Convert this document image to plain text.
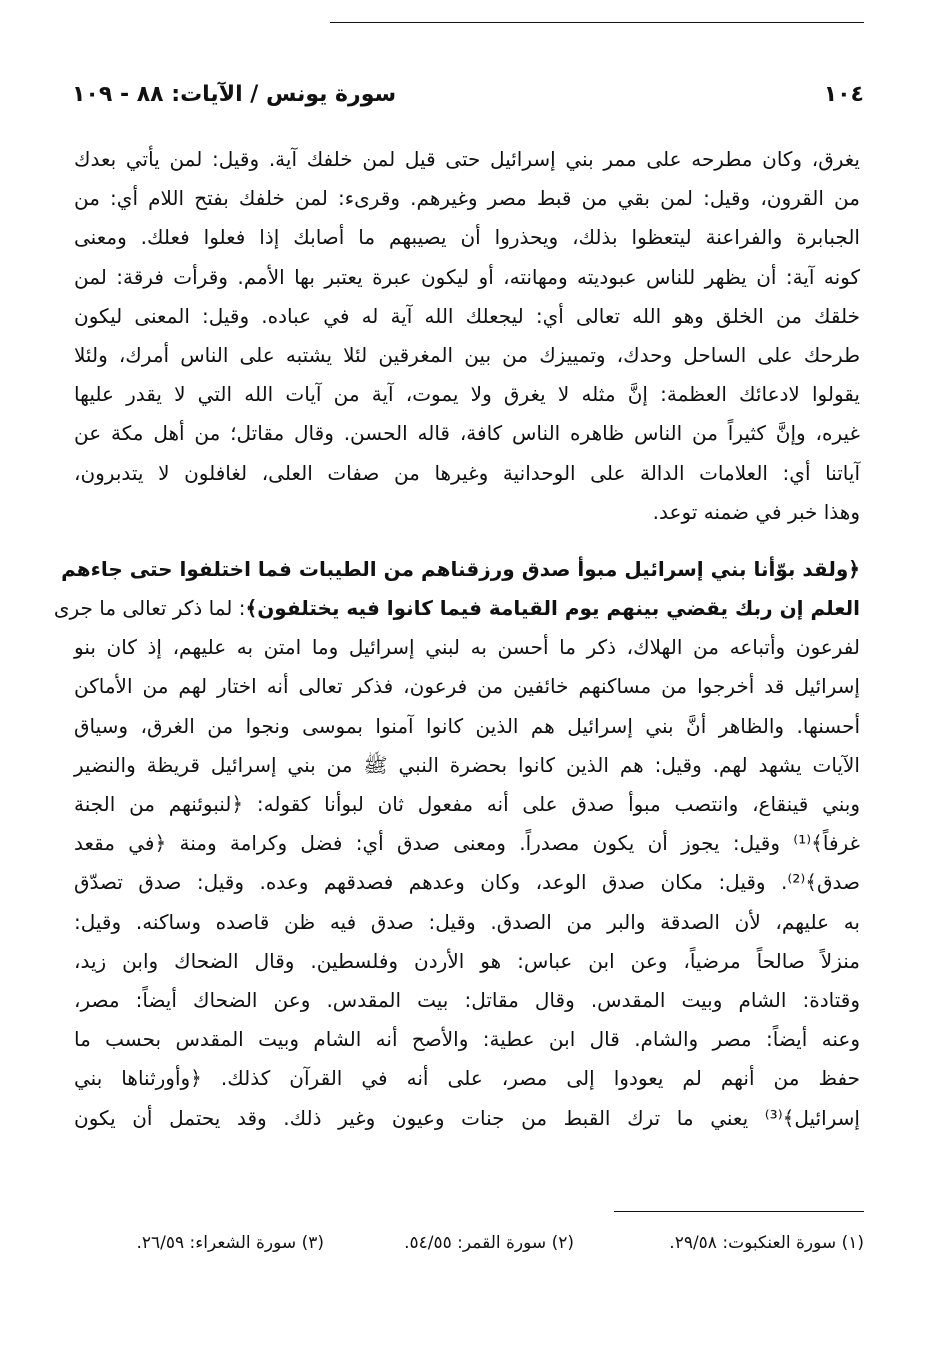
١٠٤
سورة يونس / الآيات: ٨٨ - ١٠٩
يغرق، وكان مطرحه على ممر بني إسرائيل حتى قيل لمن خلفك آية. وقيل: لمن يأتي بعدك
من القرون، وقيل: لمن بقي من قبط مصر وغيرهم. وقرىء: لمن خلفك بفتح اللام أي: من
الجبابرة والفراعنة ليتعظوا بذلك، ويحذروا أن يصيبهم ما أصابك إذا فعلوا فعلك. ومعنى
كونه آية: أن يظهر للناس عبوديته ومهانته، أو ليكون عبرة يعتبر بها الأمم. وقرأت فرقة: لمن
خلقك من الخلق وهو الله تعالى أي: ليجعلك الله آية له في عباده. وقيل: المعنى ليكون
طرحك على الساحل وحدك، وتمييزك من بين المغرقين لئلا يشتبه على الناس أمرك، ولئلا
يقولوا لادعائك العظمة: إنَّ مثله لا يغرق ولا يموت، آية من آيات الله التي لا يقدر عليها
غيره، وإنَّ كثيراً من الناس ظاهره الناس كافة، قاله الحسن. وقال مقاتل؛ من أهل مكة عن
آياتنا أي: العلامات الدالة على الوحدانية وغيرها من صفات العلى، لغافلون لا يتدبرون،
وهذا خبر في ضمنه توعد.
﴿ولقد بوّأنا بني إسرائيل مبوأ صدق ورزقناهم من الطيبات فما اختلفوا حتى جاءهم
العلم إن ربك يقضي بينهم يوم القيامة فيما كانوا فيه يختلفون﴾: لما ذكر تعالى ما جرى
لفرعون وأتباعه من الهلاك، ذكر ما أحسن به لبني إسرائيل وما امتن به عليهم، إذ كان بنو
إسرائيل قد أخرجوا من مساكنهم خائفين من فرعون، فذكر تعالى أنه اختار لهم من الأماكن
أحسنها. والظاهر أنَّ بني إسرائيل هم الذين كانوا آمنوا بموسى ونجوا من الغرق، وسياق
الآيات يشهد لهم. وقيل: هم الذين كانوا بحضرة النبي ﷺ من بني إسرائيل قريظة والنضير
وبني قينقاع، وانتصب مبوأ صدق على أنه مفعول ثان لبوأنا كقوله: ﴿لنبوئنهم من الجنة
غرفاً﴾⁽¹⁾ وقيل: يجوز أن يكون مصدراً. ومعنى صدق أي: فضل وكرامة ومنة ﴿في مقعد
صدق﴾⁽²⁾. وقيل: مكان صدق الوعد، وكان وعدهم فصدقهم وعده. وقيل: صدق تصدّق
به عليهم، لأن الصدقة والبر من الصدق. وقيل: صدق فيه ظن قاصده وساكنه. وقيل:
منزلاً صالحاً مرضياً، وعن ابن عباس: هو الأردن وفلسطين. وقال الضحاك وابن زيد،
وقتادة: الشام وبيت المقدس. وقال مقاتل: بيت المقدس. وعن الضحاك أيضاً: مصر،
وعنه أيضاً: مصر والشام. قال ابن عطية: والأصح أنه الشام وبيت المقدس بحسب ما
حفظ من أنهم لم يعودوا إلى مصر، على أنه في القرآن كذلك. ﴿وأورثناها بني
إسرائيل﴾⁽³⁾ يعني ما ترك القبط من جنات وعيون وغير ذلك. وقد يحتمل أن يكون
(١) سورة العنكبوت: ٢٩/٥٨.
(٢) سورة القمر: ٥٤/٥٥.
(٣) سورة الشعراء: ٢٦/٥٩.
